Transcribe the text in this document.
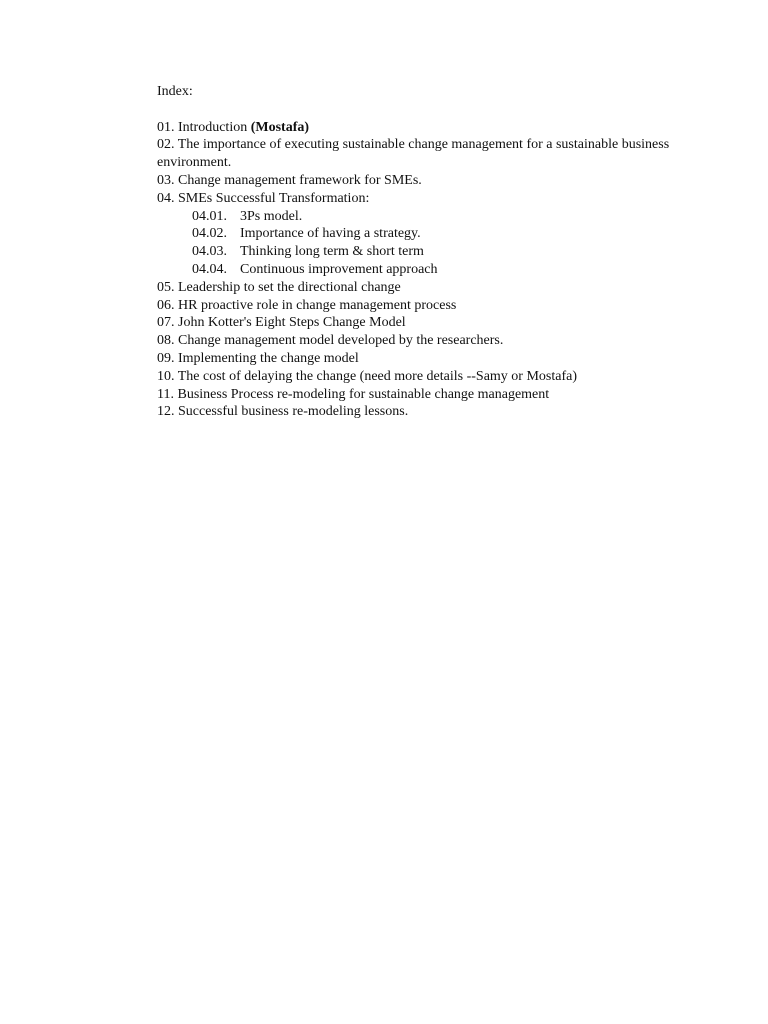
Index:
01. Introduction (Mostafa)
02. The importance of executing sustainable change management for a sustainable business environment.
03. Change management framework for SMEs.
04. SMEs Successful Transformation:
04.01. 3Ps model.
04.02. Importance of having a strategy.
04.03. Thinking long term & short term
04.04. Continuous improvement approach
05. Leadership to set the directional change
06. HR proactive role in change management process
07. John Kotter's Eight Steps Change Model
08. Change management model developed by the researchers.
09. Implementing the change model
10. The cost of delaying the change (need more details --Samy or Mostafa)
11. Business Process re-modeling for sustainable change management
12. Successful business re-modeling lessons.
